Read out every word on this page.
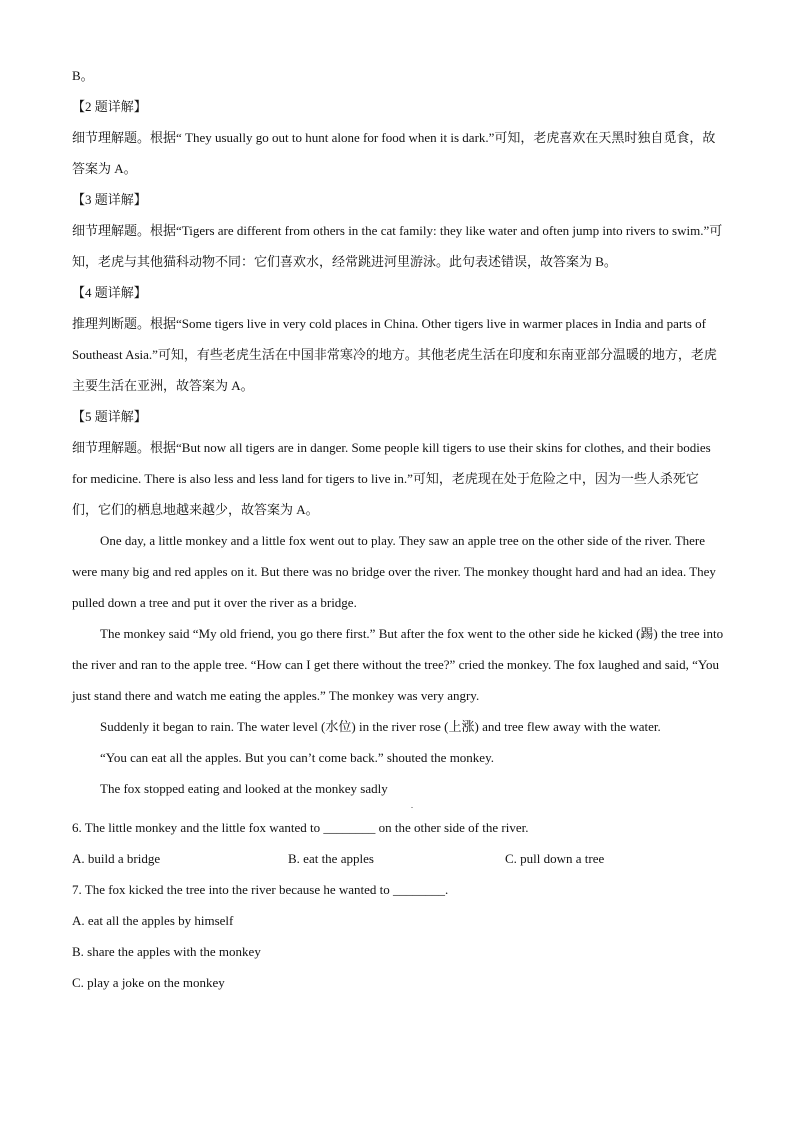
B。
【2 题详解】
细节理解题。根据“ They usually go out to hunt alone for food when it is dark.”可知，老虎喜欢在天黑时独自觅食，故答案为 A。
【3 题详解】
细节理解题。根据“Tigers are different from others in the cat family: they like water and often jump into rivers to swim.”可知，老虎与其他猫科动物不同：它们喜欢水，经常跳进河里游泳。此句表述错误，故答案为 B。
【4 题详解】
推理判断题。根据“Some tigers live in very cold places in China. Other tigers live in warmer places in India and parts of Southeast Asia.”可知，有些老虎生活在中国非常寒冷的地方。其他老虎生活在印度和东南亚部分温暖的地方，老虎主要生活在亚洲，故答案为 A。
【5 题详解】
细节理解题。根据“But now all tigers are in danger. Some people kill tigers to use their skins for clothes, and their bodies for medicine. There is also less and less land for tigers to live in.”可知，老虎现在处于危险之中，因为一些人杀死它们，它们的栖息地越来越少，故答案为 A。
One day, a little monkey and a little fox went out to play. They saw an apple tree on the other side of the river. There were many big and red apples on it. But there was no bridge over the river. The monkey thought hard and had an idea. They pulled down a tree and put it over the river as a bridge.
The monkey said “My old friend, you go there first.” But after the fox went to the other side he kicked (踢) the tree into the river and ran to the apple tree. “How can I get there without the tree?” cried the monkey. The fox laughed and said, “You just stand there and watch me eating the apples.” The monkey was very angry.
Suddenly it began to rain. The water level (水位) in the river rose (上涨) and tree flew away with the water.
“You can eat all the apples. But you can’t come back.” shouted the monkey.
The fox stopped eating and looked at the monkey sadly
6. The little monkey and the little fox wanted to ________ on the other side of the river.
A. build a bridge	B. eat the apples	C. pull down a tree
7. The fox kicked the tree into the river because he wanted to ________.
A. eat all the apples by himself
B. share the apples with the monkey
C. play a joke on the monkey
.
